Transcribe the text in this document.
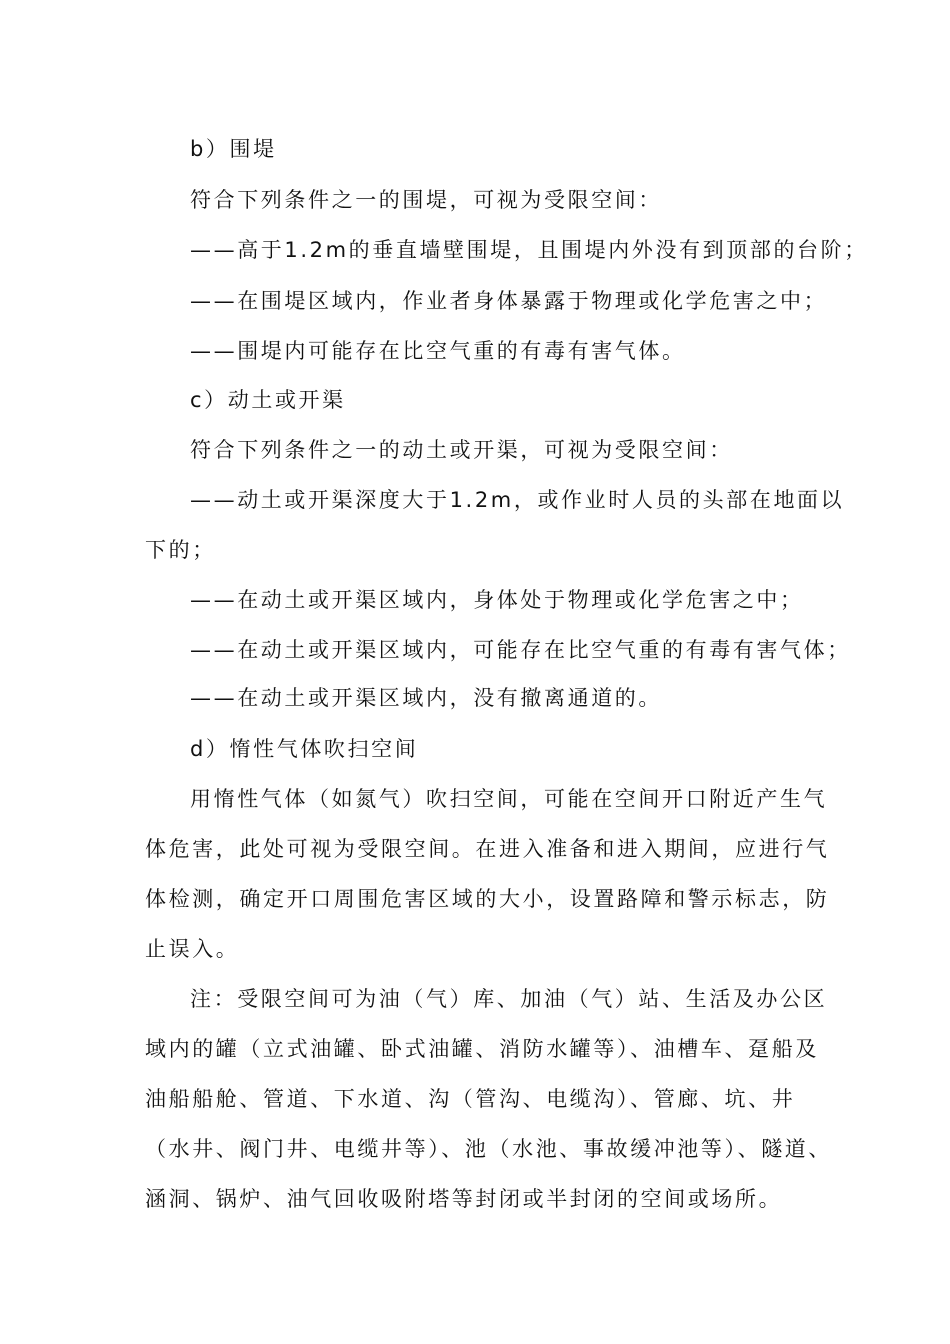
b）围堤
符合下列条件之一的围堤，可视为受限空间：
——高于1.2m的垂直墙壁围堤，且围堤内外没有到顶部的台阶；
——在围堤区域内，作业者身体暴露于物理或化学危害之中；
——围堤内可能存在比空气重的有毒有害气体。
c）动土或开渠
符合下列条件之一的动土或开渠，可视为受限空间：
——动土或开渠深度大于1.2m，或作业时人员的头部在地面以
下的；
——在动土或开渠区域内，身体处于物理或化学危害之中；
——在动土或开渠区域内，可能存在比空气重的有毒有害气体；
——在动土或开渠区域内，没有撤离通道的。
d）惰性气体吹扫空间
用惰性气体（如氮气）吹扫空间，可能在空间开口附近产生气
体危害，此处可视为受限空间。在进入准备和进入期间，应进行气
体检测，确定开口周围危害区域的大小，设置路障和警示标志，防
止误入。
注：受限空间可为油（气）库、加油（气）站、生活及办公区
域内的罐（立式油罐、卧式油罐、消防水罐等）、油槽车、趸船及
油船船舱、管道、下水道、沟（管沟、电缆沟）、管廊、坑、井
（水井、阀门井、电缆井等）、池（水池、事故缓冲池等）、隧道、
涵洞、锅炉、油气回收吸附塔等封闭或半封闭的空间或场所。
